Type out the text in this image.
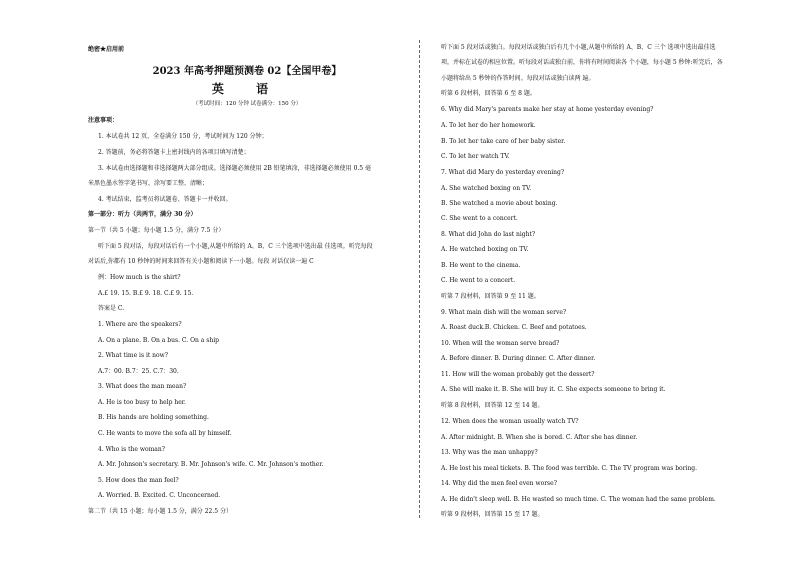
绝密★启用前
2023 年高考押题预测卷 02【全国甲卷】
英 语
（考试时间：120 分钟 试卷满分：150 分）
注意事项：
1. 本试卷共 12 页，全卷满分 150 分，考试时间为 120 分钟；
2. 答题前，务必将答题卡上密封线内的各项目填写清楚；
3. 本试卷由选择题和非选择题两大部分组成。选择题必须使用 2B 铅笔填涂，非选择题必须使用 0.5 毫
米黑色墨水签字笔书写，涂写要工整、清晰；
4. 考试结束，监考员将试题卷、答题卡一并收回。
第一部分：听力（共两节，满分 30 分）
第一节（共 5 小题；每小题 1.5 分，满分 7.5 分）
听下面 5 段对话，每段对话后有一个小题,从题中所给的 A、B、C 三个选项中选出最 佳选项。听完每段
对话后,你都有 10 秒钟的时间来回答有关小题和阅读下一小题。每段 对话仅读一遍 C
例：How much is the shirt?
A.£ 19. 15. B.£ 9. 18. C.£ 9. 15.
答案是 C.
1. Where are the speakers?
A. On a plane. B. On a bus. C. On a ship
2. What time is it now?
A.7：00. B.7：25. C.7：30.
3. What does the man mean?
A. He is too busy to help her.
B. His hands are holding something.
C. He wants to move the sofa all by himself.
4. Who is the woman?
A. Mr. Johnson's secretary. B. Mr. Johnson's wife. C. Mr. Johnson's mother.
5. How does the man feel?
A. Worried. B. Excited. C. Unconcerned.
第二节（共 15 小题；每小题 1.5 分，满分 22.5 分）
听下面 5 段对话或独白。每段对话或独白后有几个小题,从题中所给的 A、B、C 三个 选项中选出最佳选
项，并标在试卷的相应位置。听每段对话或独白前，你将有时间阅读各 个小题，每小题 5 秒钟:听完后，各
小题将给出 5 秒钟的作答时间。每段对话或独白读两 遍。
听第 6 段材料，回答第 6 至 8 题。
6. Why did Mary's parents make her stay at home yesterday evening?
A. To let her do her homework.
B. To let her take care of her baby sister.
C. To let her watch TV.
7. What did Mary do yesterday evening?
A. She watched boxing on TV.
B. She watched a movie about boxing.
C. She went to a concert.
8. What did John do last night?
A. He watched boxing on TV.
B. He went to the cinema.
C. He went to a concert.
听第 7 段材料，回答第 9 至 11 题。
9. What main dish will the woman serve?
A. Roast duck.B. Chicken. C. Beef and potatoes.
10. When will the woman serve bread?
A. Before dinner. B. During dinner. C. After dinner.
11. How will the woman probably get the dessert?
A. She will make it. B. She will buy it. C. She expects someone to bring it.
听第 8 段材料，回答第 12 至 14 题。
12. When does the woman usually watch TV?
A. After midnight. B. When she is bored. C. After she has dinner.
13. Why was the man unhappy?
A. He lost his meal tickets. B. The food was terrible. C. The TV program was boring.
14. Why did the men feel even worse?
A. He didn't sleep well. B. He wasted so much time. C. The woman had the same problem.
听第 9 段材料，回答第 15 至 17 题。
